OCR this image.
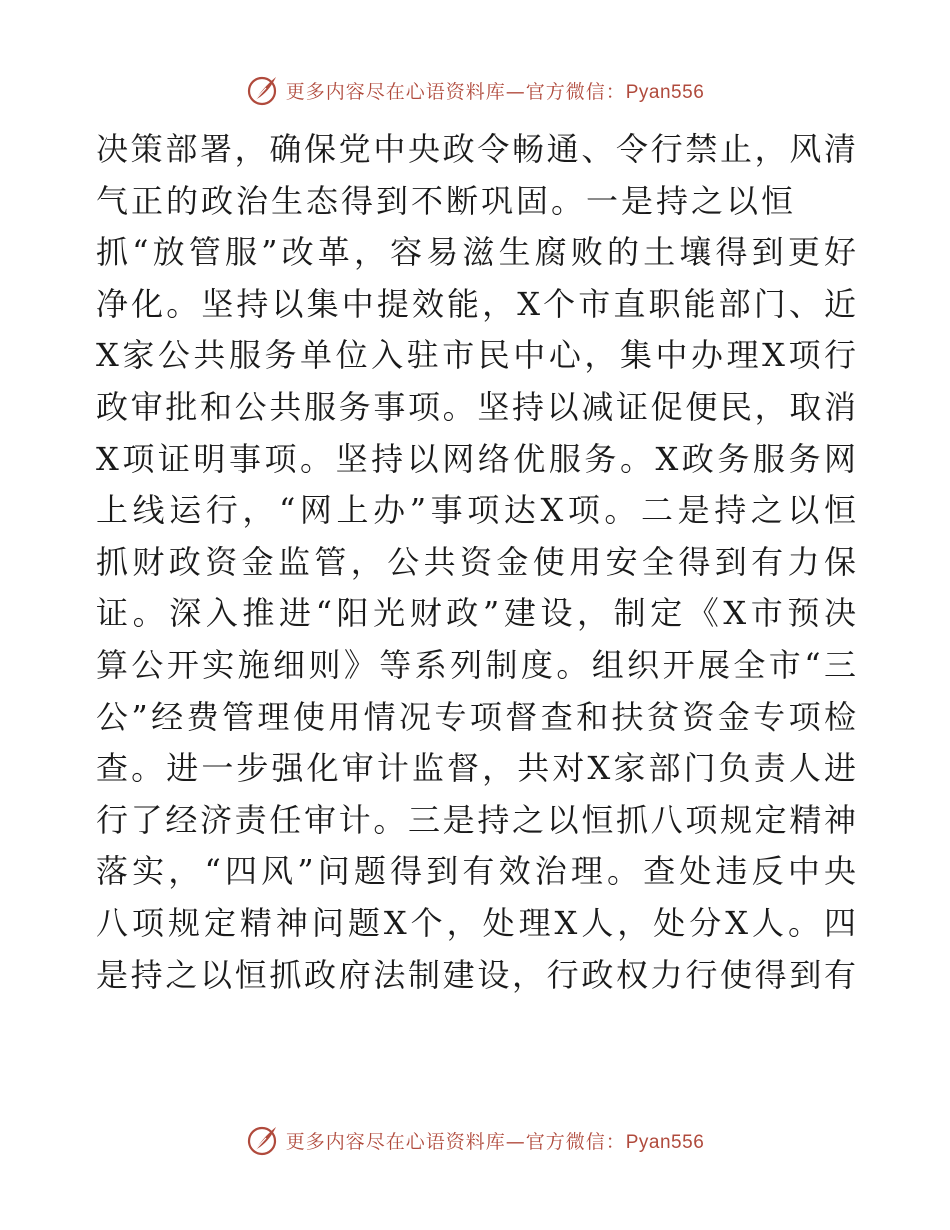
更多内容尽在心语资料库—官方微信：Pyan556
决策部署，确保党中央政令畅通、令行禁止，风清
气正的政治生态得到不断巩固。一是持之以恒
抓“放管服”改革，容易滋生腐败的土壤得到更好
净化。坚持以集中提效能，X个市直职能部门、近
X家公共服务单位入驻市民中心，集中办理X项行
政审批和公共服务事项。坚持以减证促便民，取消
X项证明事项。坚持以网络优服务。X政务服务网
上线运行，“网上办”事项达X项。二是持之以恒
抓财政资金监管，公共资金使用安全得到有力保
证。深入推进“阳光财政”建设，制定《X市预决
算公开实施细则》等系列制度。组织开展全市“三
公”经费管理使用情况专项督查和扶贫资金专项检
查。进一步强化审计监督，共对X家部门负责人进
行了经济责任审计。三是持之以恒抓八项规定精神
落实，“四风”问题得到有效治理。查处违反中央
八项规定精神问题X个，处理X人，处分X人。四
是持之以恒抓政府法制建设，行政权力行使得到有
更多内容尽在心语资料库—官方微信：Pyan556
